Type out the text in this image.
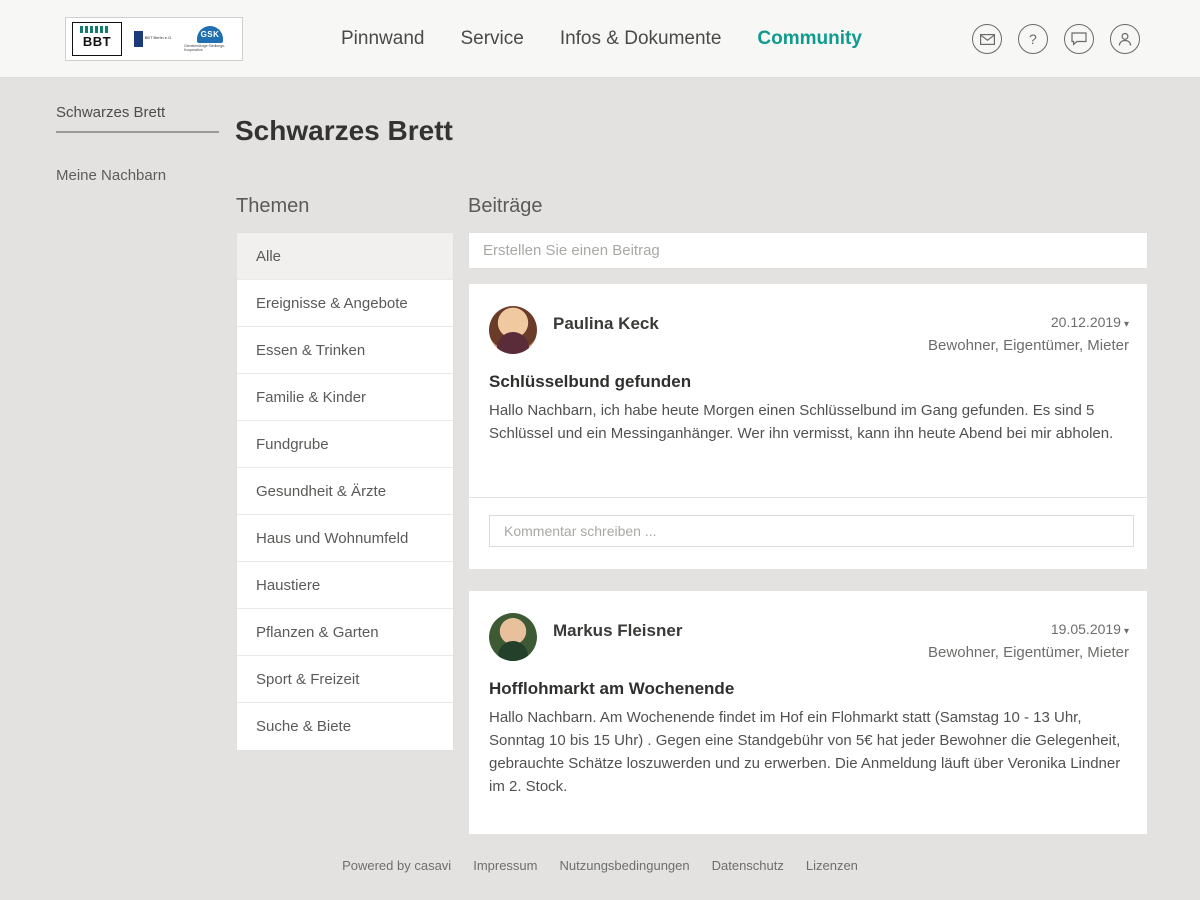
BBT	BBT Berlin e.G.	GSK
Gemeinnützige Siedlungs-Kooperative
Pinnwand Service Infos & Dokumente Community	?
Schwarzes Brett
Meine Nachbarn
Schwarzes Brett
Themen
Alle
Ereignisse & Angebote
Essen & Trinken
Familie & Kinder
Fundgrube
Gesundheit & Ärzte
Haus und Wohnumfeld
Haustiere
Pflanzen & Garten
Sport & Freizeit
Suche & Biete
Beiträge
Erstellen Sie einen Beitrag
Paulina Keck	20.12.2019 ▾
Bewohner, Eigentümer, Mieter
Schlüsselbund gefunden
Hallo Nachbarn, ich habe heute Morgen einen Schlüsselbund im Gang gefunden. Es sind 5 Schlüssel und ein Messinganhänger. Wer ihn vermisst, kann ihn heute Abend bei mir abholen.
Kommentar schreiben ...
Markus Fleisner	19.05.2019 ▾
Bewohner, Eigentümer, Mieter
Hofflohmarkt am Wochenende
Hallo Nachbarn. Am Wochenende findet im Hof ein Flohmarkt statt (Samstag 10 - 13 Uhr, Sonntag 10 bis 15 Uhr) . Gegen eine Standgebühr von 5€ hat jeder Bewohner die Gelegenheit, gebrauchte Schätze loszuwerden und zu erwerben. Die Anmeldung läuft über Veronika Lindner im 2. Stock.
Powered by casavi Impressum Nutzungsbedingungen Datenschutz Lizenzen
